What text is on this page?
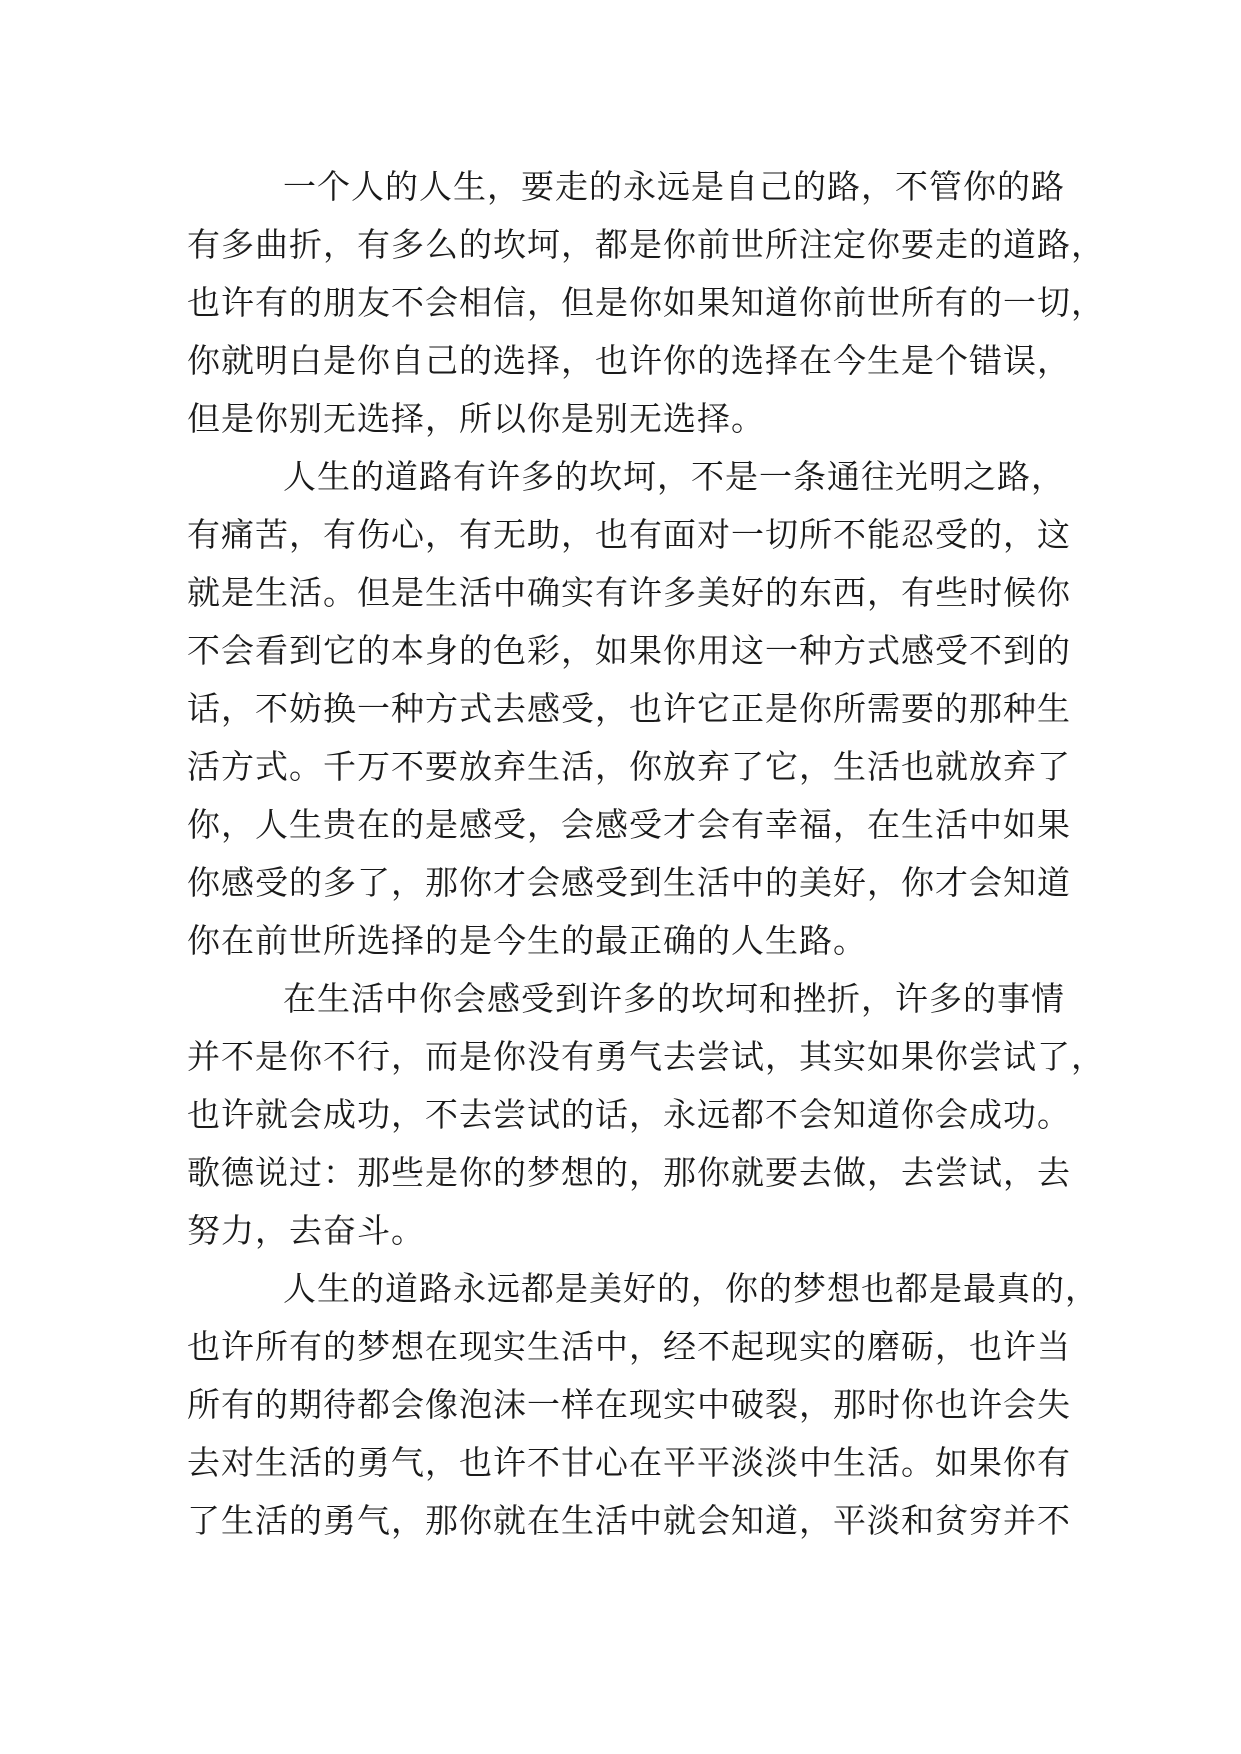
一个人的人生，要走的永远是自己的路，不管你的路
有多曲折，有多么的坎坷，都是你前世所注定你要走的道路，
也许有的朋友不会相信，但是你如果知道你前世所有的一切，
你就明白是你自己的选择，也许你的选择在今生是个错误，
但是你别无选择，所以你是别无选择。
人生的道路有许多的坎坷，不是一条通往光明之路，
有痛苦，有伤心，有无助，也有面对一切所不能忍受的，这
就是生活。但是生活中确实有许多美好的东西，有些时候你
不会看到它的本身的色彩，如果你用这一种方式感受不到的
话，不妨换一种方式去感受，也许它正是你所需要的那种生
活方式。千万不要放弃生活，你放弃了它，生活也就放弃了
你，人生贵在的是感受，会感受才会有幸福，在生活中如果
你感受的多了，那你才会感受到生活中的美好，你才会知道
你在前世所选择的是今生的最正确的人生路。
在生活中你会感受到许多的坎坷和挫折，许多的事情
并不是你不行，而是你没有勇气去尝试，其实如果你尝试了，
也许就会成功，不去尝试的话，永远都不会知道你会成功。
歌德说过：那些是你的梦想的，那你就要去做，去尝试，去
努力，去奋斗。
人生的道路永远都是美好的，你的梦想也都是最真的，
也许所有的梦想在现实生活中，经不起现实的磨砺，也许当
所有的期待都会像泡沫一样在现实中破裂，那时你也许会失
去对生活的勇气，也许不甘心在平平淡淡中生活。如果你有
了生活的勇气，那你就在生活中就会知道，平淡和贫穷并不
